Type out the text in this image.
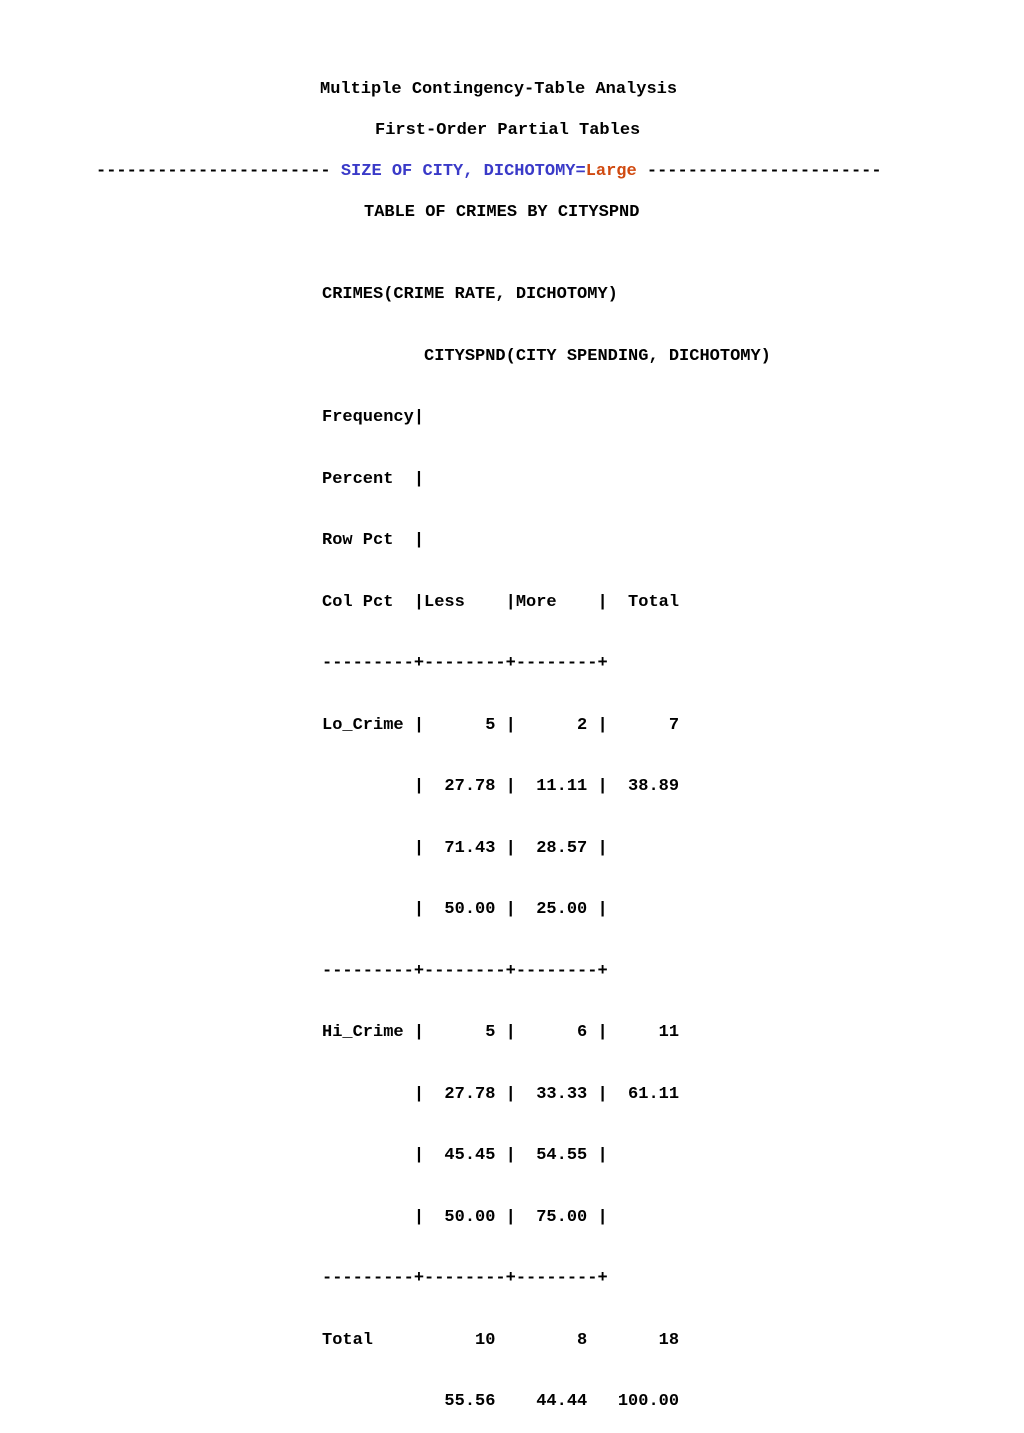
Multiple Contingency-Table Analysis
First-Order Partial Tables
----------------------- SIZE OF CITY, DICHOTOMY=Large -----------------------
TABLE OF CRIMES BY CITYSPND

CRIMES(CRIME RATE, DICHOTOMY)

CITYSPND(CITY SPENDING, DICHOTOMY)

Frequency|

Percent  |

Row Pct  |

Col Pct  |Less    |More    |  Total

---------+--------+--------+

Lo_Crime |      5 |      2 |      7

|  27.78 |  11.11 |  38.89

|  71.43 |  28.57 |

|  50.00 |  25.00 |

---------+--------+--------+

Hi_Crime |      5 |      6 |     11

|  27.78 |  33.33 |  61.11

|  45.45 |  54.55 |

|  50.00 |  75.00 |

---------+--------+--------+

Total          10        8       18

55.56    44.44   100.00
